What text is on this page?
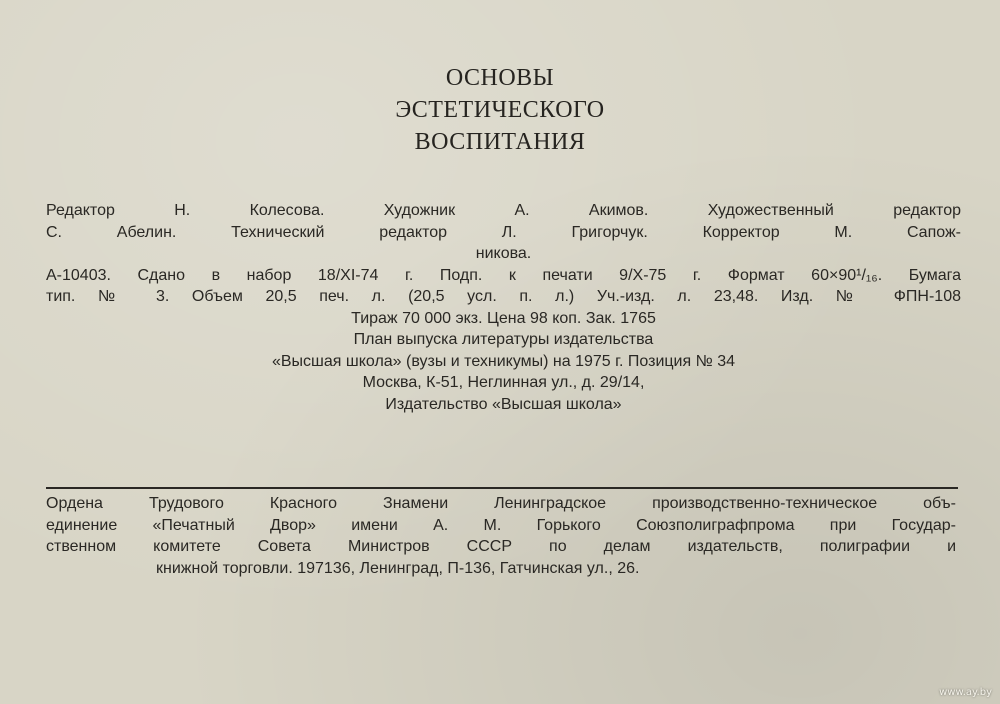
ОСНОВЫ
ЭСТЕТИЧЕСКОГО
ВОСПИТАНИЯ
Редактор Н. Колесова. Художник А. Акимов. Художественный редактор
С. Абелин. Технический редактор Л. Григорчук. Корректор М. Сапож-
никова.
А-10403. Сдано в набор 18/XI-74 г. Подп. к печати 9/X-75 г. Формат 60×90¹/₁₆. Бумага
тип. № 3. Объем 20,5 печ. л. (20,5 усл. п. л.) Уч.-изд. л. 23,48. Изд. № ФПН-108
Тираж 70 000 экз. Цена 98 коп. Зак. 1765
План выпуска литературы издательства
«Высшая школа» (вузы и техникумы) на 1975 г. Позиция № 34
Москва, К-51, Неглинная ул., д. 29/14,
Издательство «Высшая школа»
Ордена Трудового Красного Знамени Ленинградское производственно-техническое объ-
единение «Печатный Двор» имени А. М. Горького Союзполиграфпрома при Государ-
ственном комитете Совета Министров СССР по делам издательств, полиграфии и
книжной торговли. 197136, Ленинград, П-136, Гатчинская ул., 26.
www.ay.by
